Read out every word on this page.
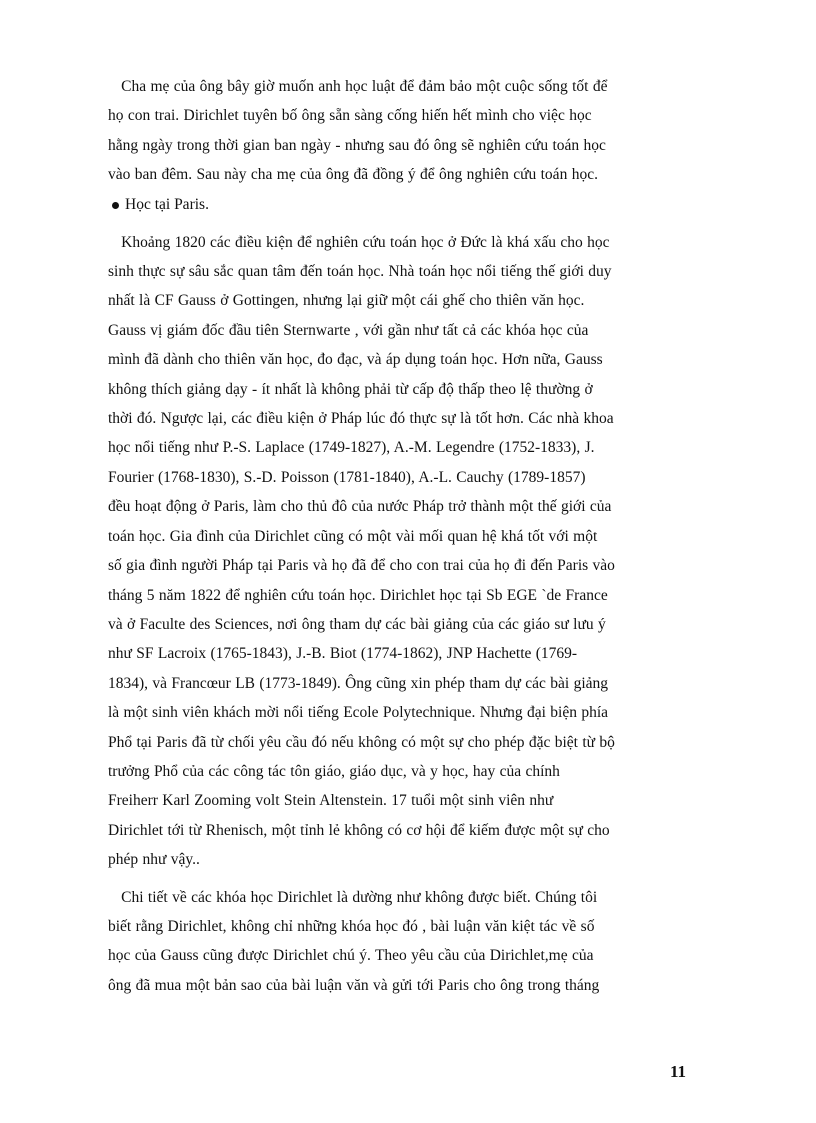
Cha mẹ của ông bây giờ muốn anh học luật để đảm bảo một cuộc sống tốt để
họ con trai. Dirichlet tuyên bố ông sẵn sàng cống hiến hết mình cho việc học
hằng ngày trong thời gian ban ngày - nhưng sau đó ông sẽ nghiên cứu toán học
vào ban đêm. Sau này cha mẹ của ông đã đồng ý để ông nghiên cứu toán học.

Học tại Paris.

Khoảng 1820 các điều kiện để nghiên cứu toán học ở Đức là khá xấu cho học
sinh thực sự sâu sắc quan tâm đến toán học. Nhà toán học nổi tiếng thế giới duy
nhất là CF Gauss ở Gottingen, nhưng lại giữ một cái ghế cho thiên văn học.
Gauss vị giám đốc đầu tiên Sternwarte , với gần như tất cả các khóa học của
mình đã dành cho thiên văn học, đo đạc, và áp dụng toán học. Hơn nữa, Gauss
không thích giảng dạy - ít nhất là không phải từ cấp độ thấp theo lệ thường ở
thời đó. Ngược lại, các điều kiện ở Pháp lúc đó thực sự là tốt hơn. Các nhà khoa
học nổi tiếng như P.-S. Laplace (1749-1827), A.-M. Legendre (1752-1833), J.
Fourier (1768-1830), S.-D. Poisson (1781-1840), A.-L. Cauchy (1789-1857)
đều hoạt động ở Paris, làm cho thủ đô của nước Pháp trở thành một thế giới của
toán học. Gia đình của Dirichlet cũng có một vài mối quan hệ khá tốt với một
số gia đình người Pháp tại Paris và họ đã để cho con trai của họ đi đến Paris vào
tháng 5 năm 1822 để nghiên cứu toán học. Dirichlet học tại Sb EGE `de France
và ở Faculte des Sciences, nơi ông tham dự các bài giảng của các giáo sư lưu ý
như SF Lacroix (1765-1843), J.-B. Biot (1774-1862), JNP Hachette (1769-
1834), và Francœur LB (1773-1849). Ông cũng xin phép tham dự các bài giảng
là một sinh viên khách mời nổi tiếng Ecole Polytechnique. Nhưng đại biện phía
Phổ tại Paris đã từ chối yêu cầu đó nếu không có một sự cho phép đặc biệt từ bộ
trưởng Phổ của các công tác tôn giáo, giáo dục, và y học, hay của chính
Freiherr Karl Zooming volt Stein Altenstein. 17 tuổi một sinh viên như
Dirichlet tới từ Rhenisch, một tỉnh lẻ không có cơ hội để kiếm được một sự cho
phép như vậy..

Chi tiết về các khóa học Dirichlet là dường như không được biết. Chúng tôi
biết rằng Dirichlet, không chỉ những khóa học đó , bài luận văn kiệt tác về số
học của Gauss cũng được Dirichlet chú ý. Theo yêu cầu của Dirichlet,mẹ của
ông đã mua một bản sao của bài luận văn và gửi tới Paris cho ông trong tháng

11
